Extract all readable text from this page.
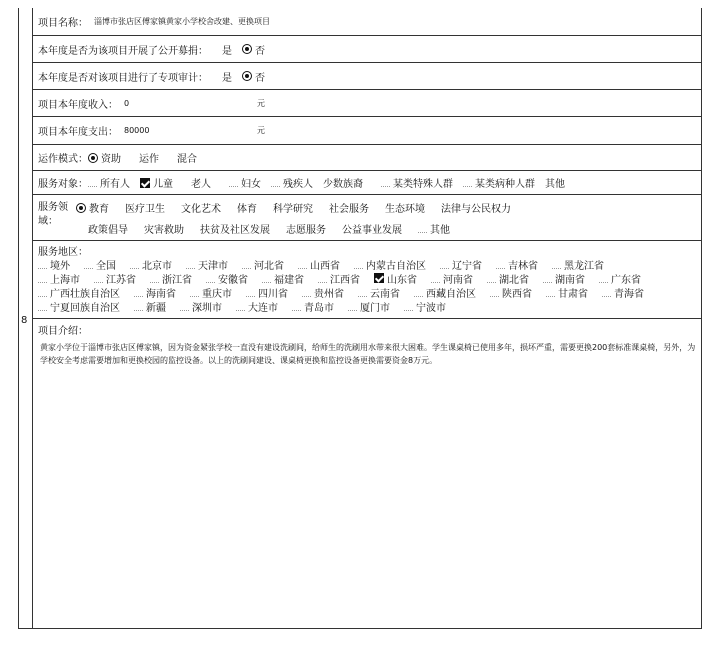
8
项目名称： 淄博市张店区傅家镇黄家小学校舍改建、更换项目
本年度是否为该项目开展了公开募捐： 是 否
本年度是否对该项目进行了专项审计： 是 否
项目本年度收入： 0	元
项目本年度支出： 80000	元
运作模式： 资助 运作 混合
服务对象： 所有人 儿童 老人	妇女 残疾人 少数族裔	某类特殊人群 某类病种人群 其他
服务领域：
教育 医疗卫生 文化艺术 体育 科学研究 社会服务 生态环境 法律与公民权力
政策倡导 灾害救助 扶贫及社区发展 志愿服务 公益事业发展	其他
服务地区：
境外	全国	北京市	天津市	河北省	山西省	内蒙古自治区	辽宁省	吉林省	黑龙江省
上海市	江苏省	浙江省	安徽省	福建省	江西省	山东省	河南省	湖北省	湖南省	广东省
广西壮族自治区	海南省	重庆市	四川省	贵州省	云南省	西藏自治区	陕西省	甘肃省	青海省
宁夏回族自治区	新疆	深圳市	大连市	青岛市	厦门市	宁波市
项目介绍：
黄家小学位于淄博市张店区傅家镇，因为资金紧张学校一直没有建设洗刷间，给师生的洗刷用水带来很大困难。学生课桌椅已使用多年，损坏严重，需要更换200套标准课桌椅，另外，为学校安全考虑需要增加和更换校园的监控设备。以上的洗刷间建设、课桌椅更换和监控设备更换需要资金8万元。
